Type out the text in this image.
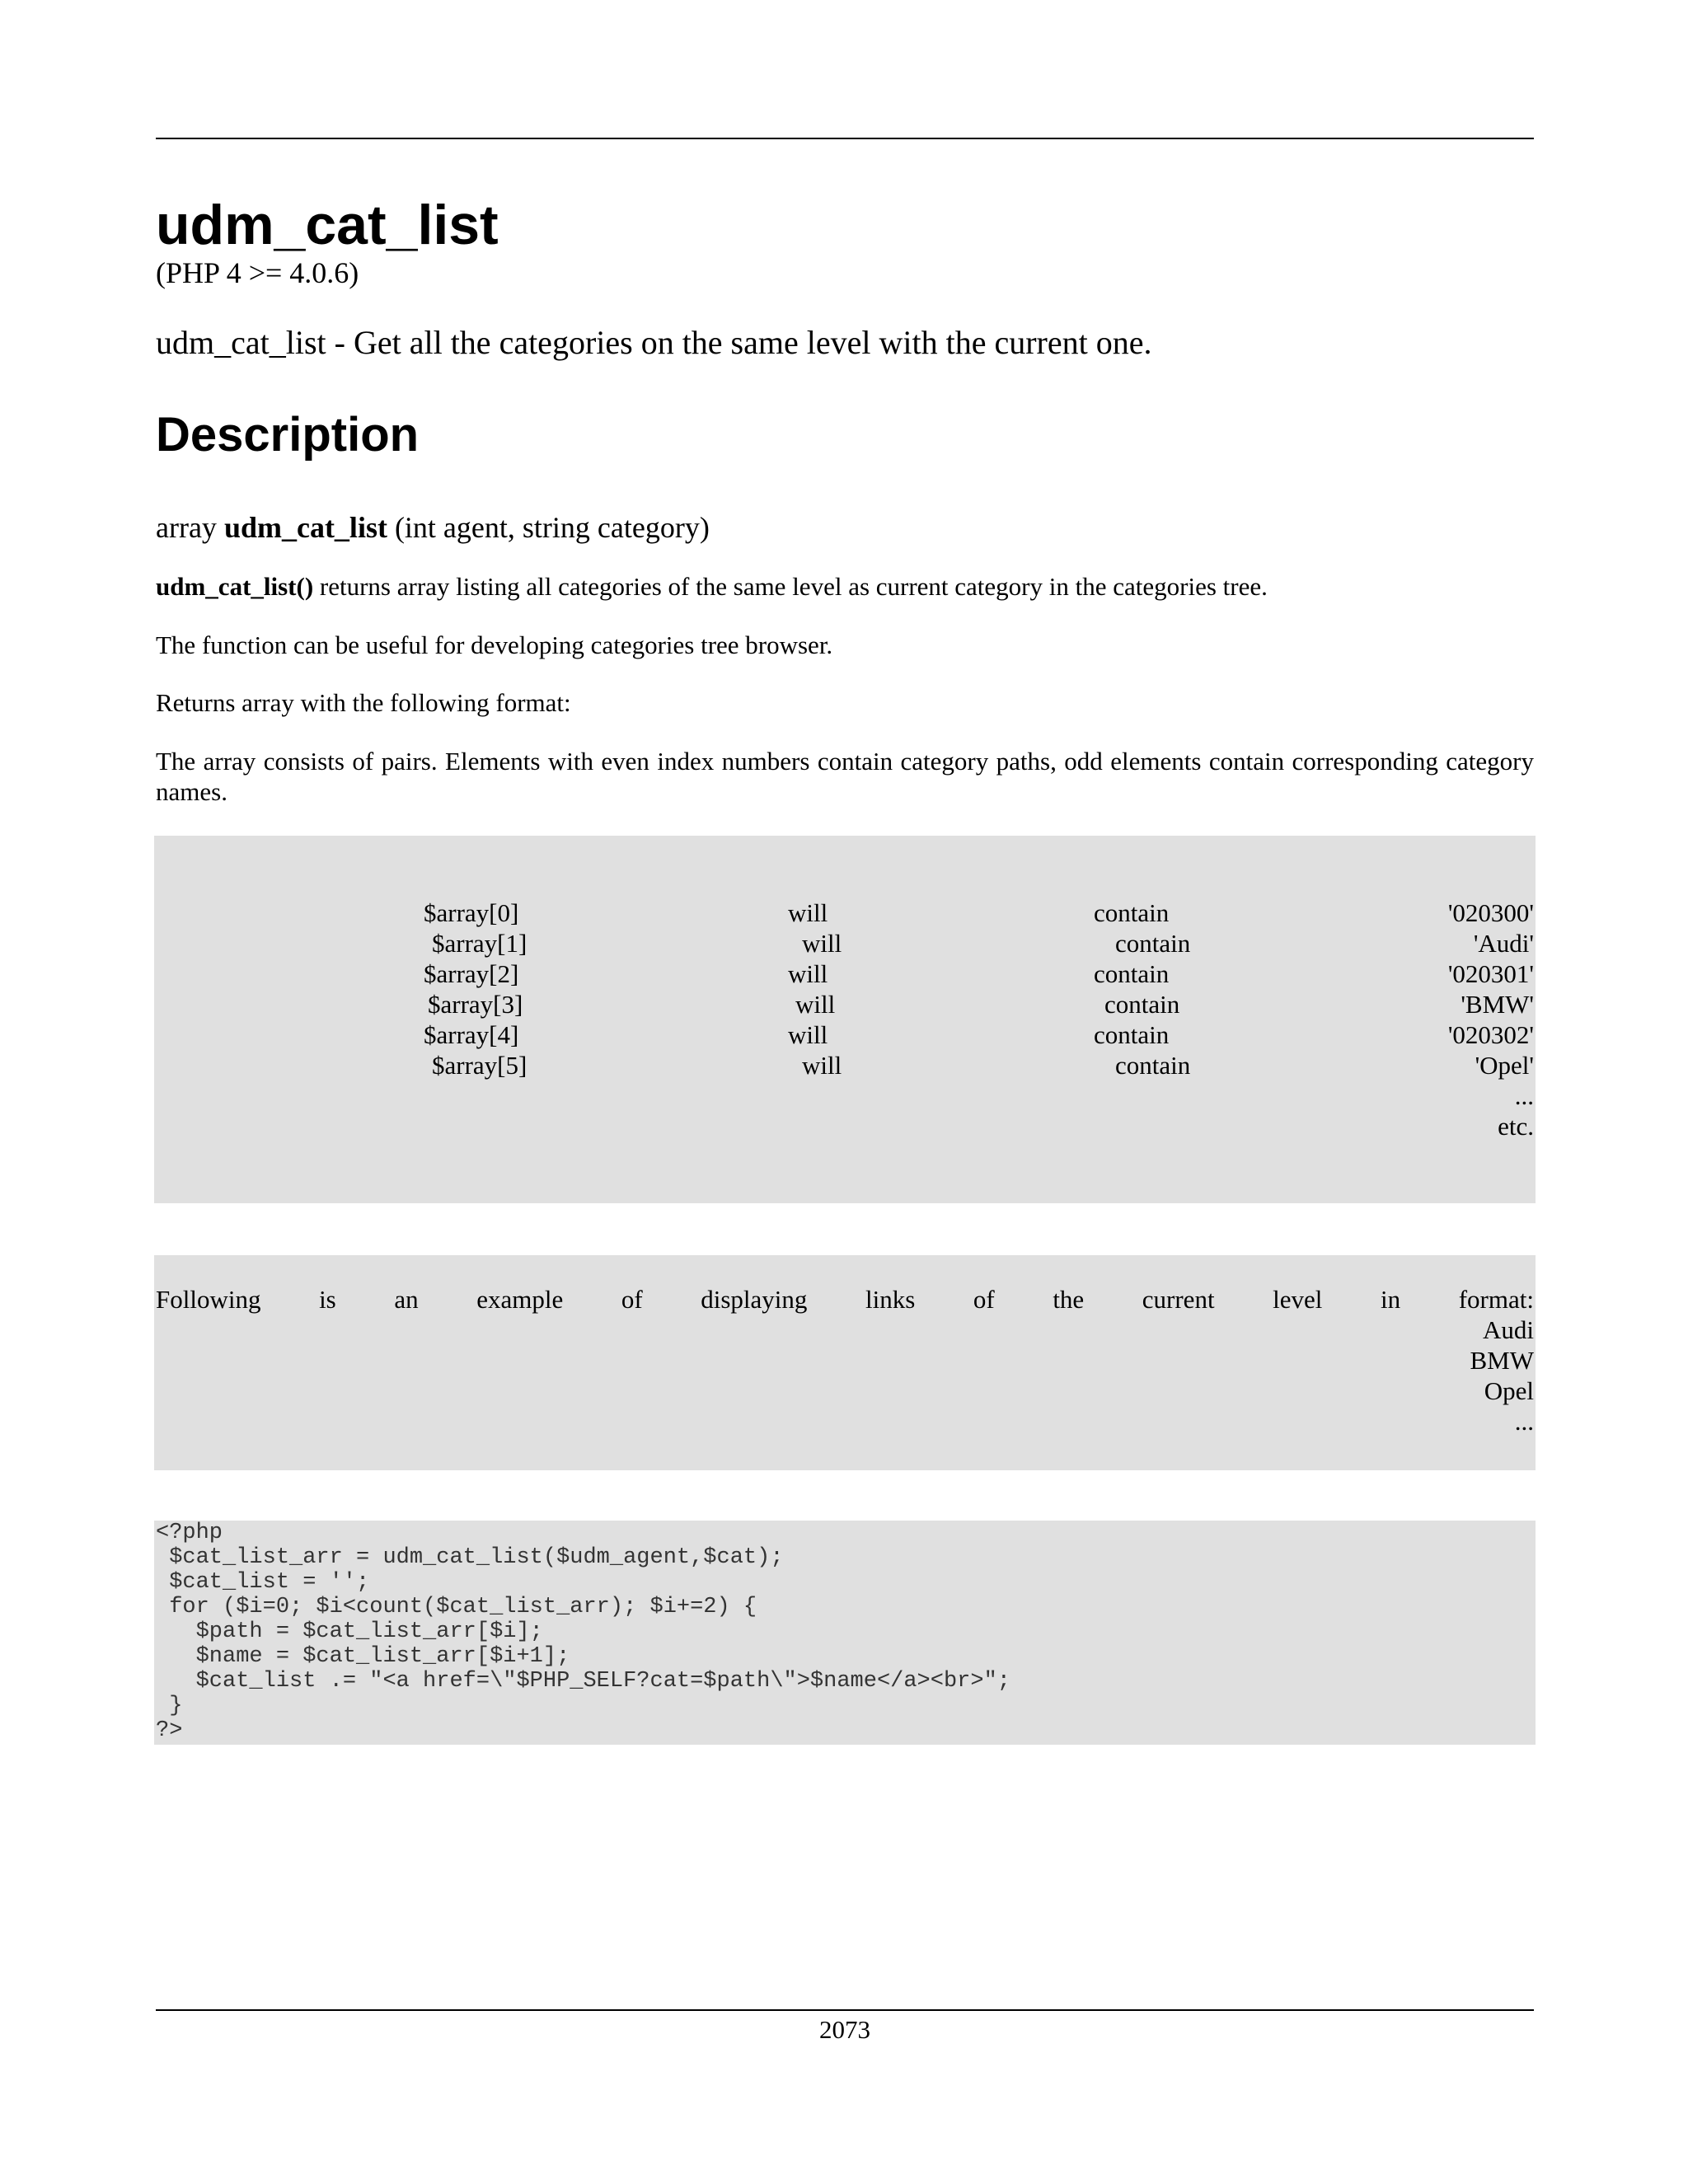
udm_cat_list
(PHP 4 >= 4.0.6)
udm_cat_list - Get all the categories on the same level with the current one.
Description
array udm_cat_list (int agent, string category)
udm_cat_list() returns array listing all categories of the same level as current category in the categories tree.
The function can be useful for developing categories tree browser.
Returns array with the following format:
The array consists of pairs. Elements with even index numbers contain category paths, odd elements contain corresponding category names.
$array[0]	will	contain	'020300'
$array[1]	will	contain	'Audi'
$array[2]	will	contain	'020301'
$array[3]	will	contain	'BMW'
$array[4]	will	contain	'020302'
$array[5]	will	contain	'Opel'
...
etc.
Following is an example of displaying links of the current level in format:
Audi
BMW
Opel
...
<?php
$cat_list_arr = udm_cat_list($udm_agent,$cat);
$cat_list = '';
for ($i=0; $i<count($cat_list_arr); $i+=2) {
$path = $cat_list_arr[$i];
$name = $cat_list_arr[$i+1];
$cat_list .= "<a href=\"$PHP_SELF?cat=$path\">$name</a><br>";
}
?>
2073
